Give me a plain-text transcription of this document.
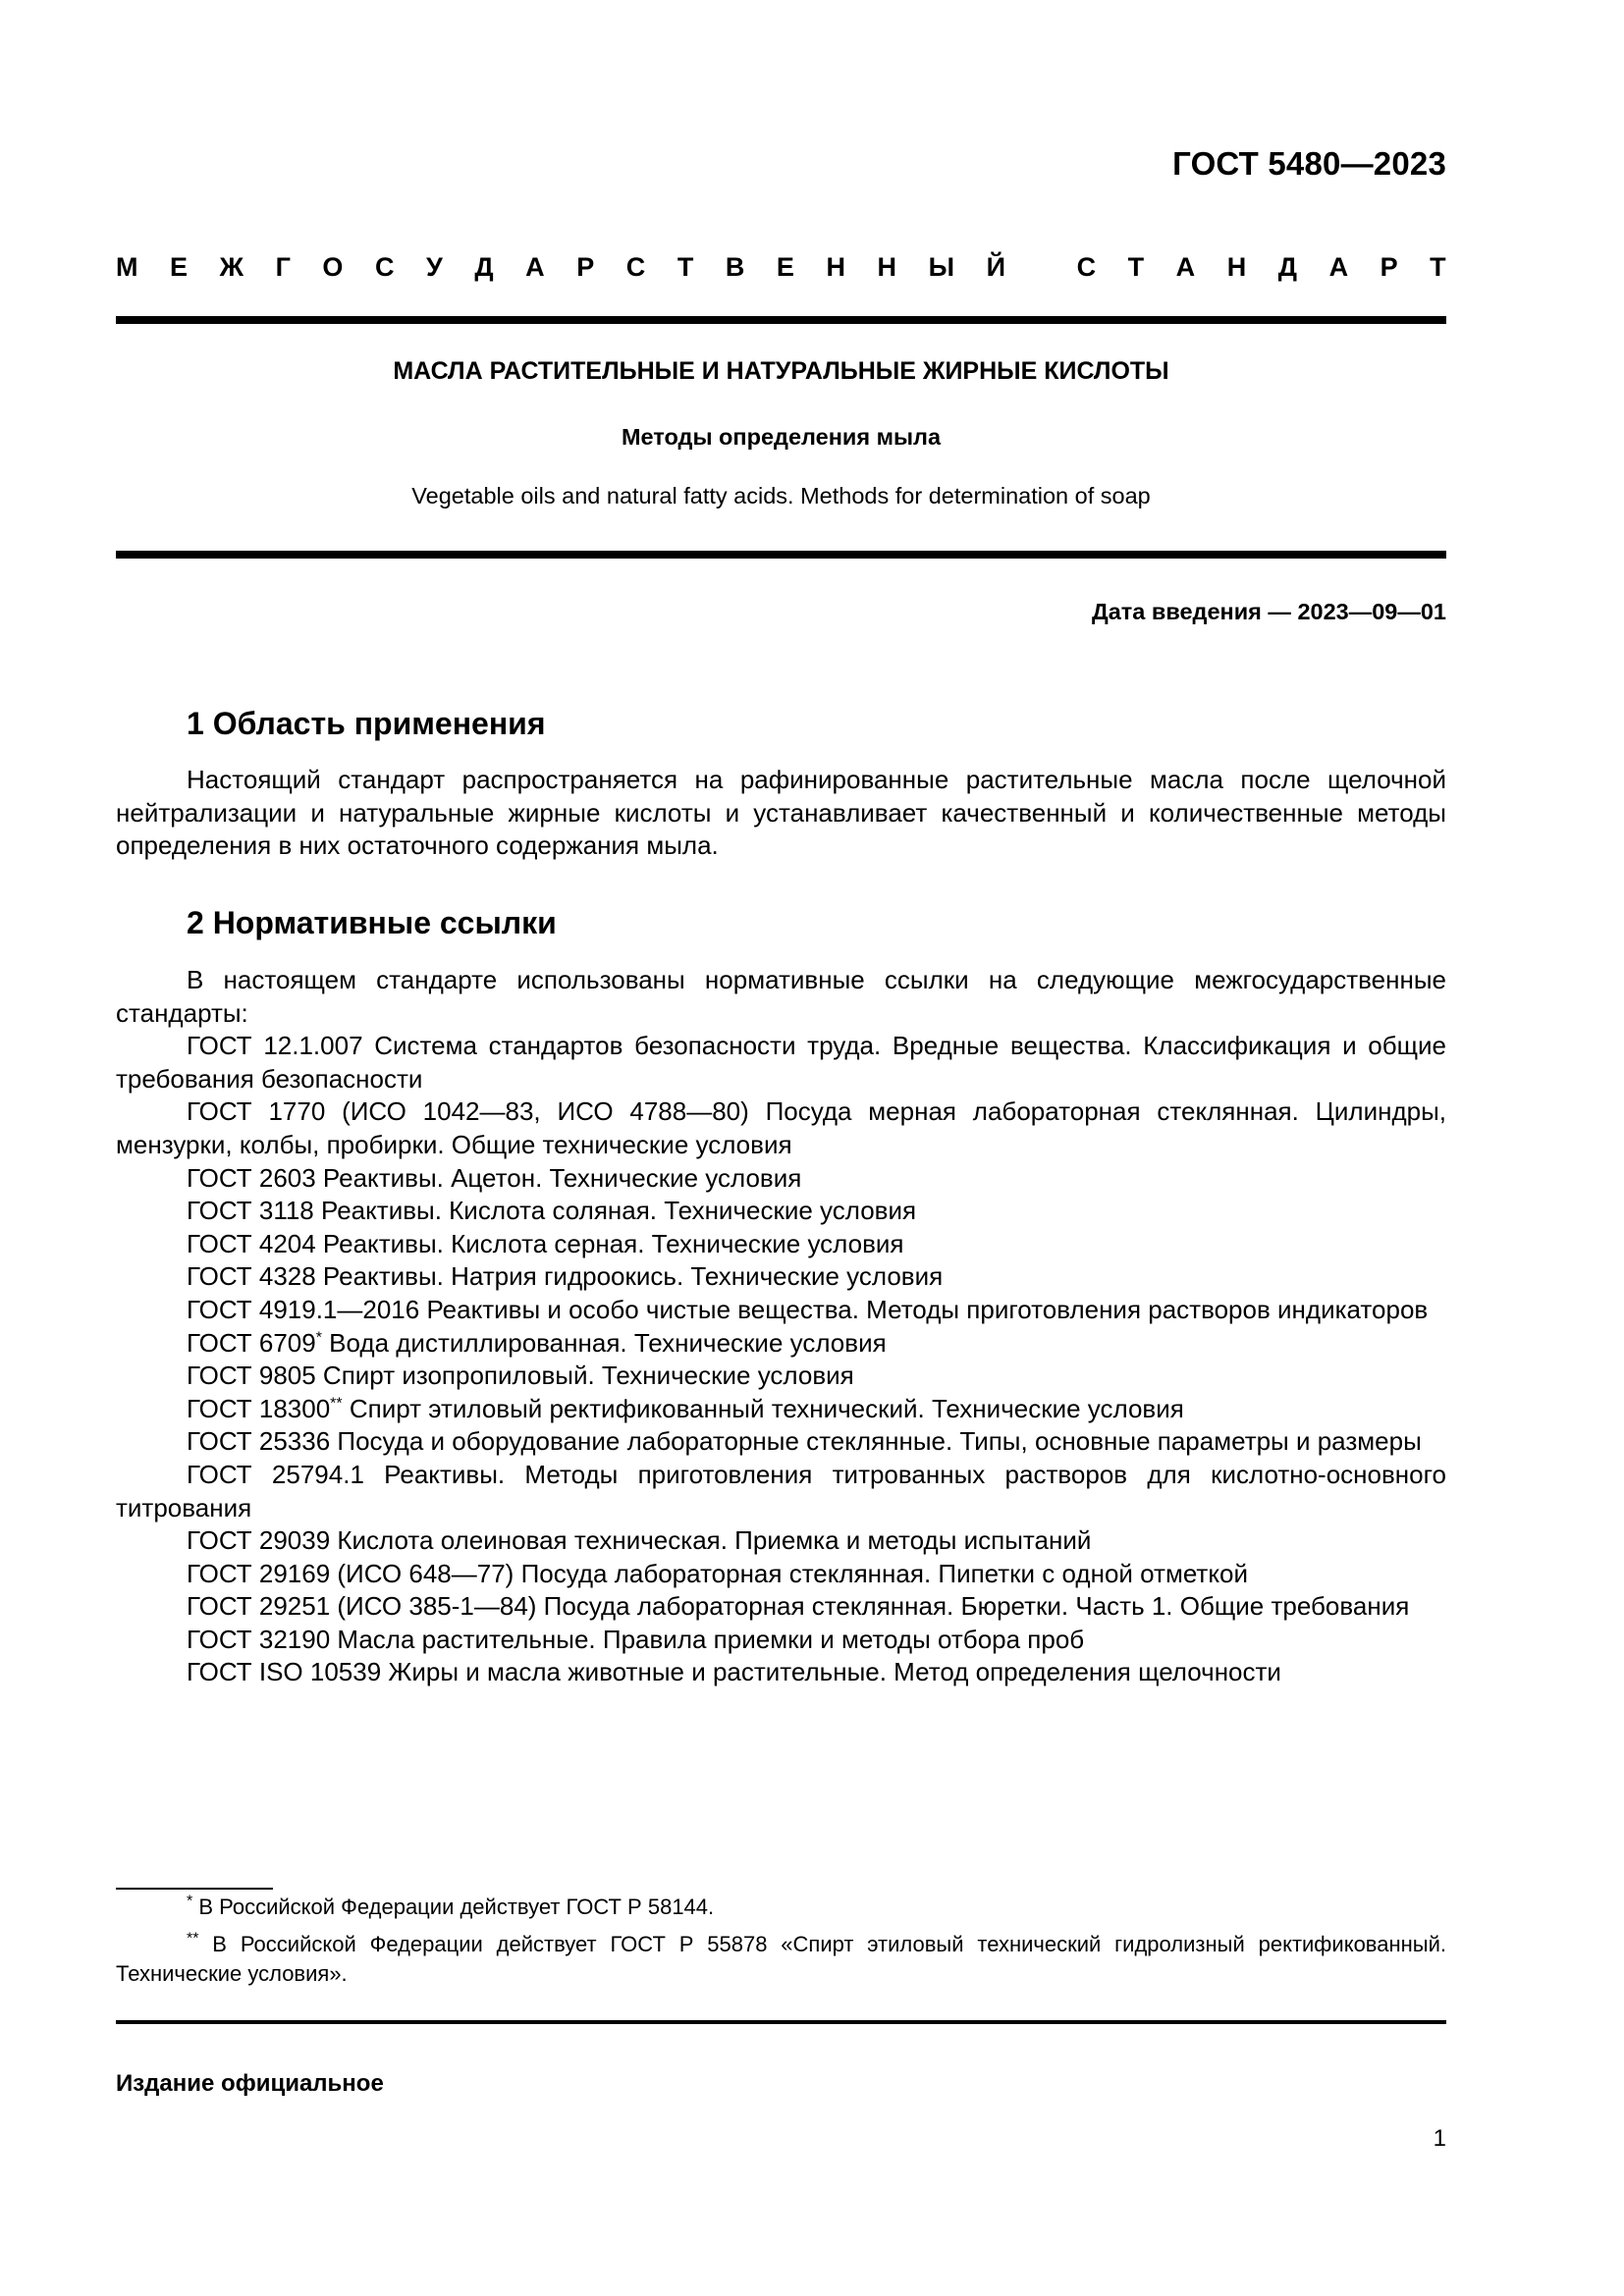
ГОСТ 5480—2023
М Е Ж Г О С У Д А Р С Т В Е Н Н Ы Й
	С Т А Н Д А Р Т
МАСЛА РАСТИТЕЛЬНЫЕ И НАТУРАЛЬНЫЕ ЖИРНЫЕ КИСЛОТЫ
Методы определения мыла
Vegetable oils and natural fatty acids. Methods for determination of soap
Дата введения — 2023—09—01
1 Область применения

Настоящий стандарт распространяется на рафинированные растительные масла после щелочной нейтрализации и натуральные жирные кислоты и устанавливает качественный и количественные методы определения в них остаточного содержания мыла.

2 Нормативные ссылки

В настоящем стандарте использованы нормативные ссылки на следующие межгосударственные стандарты:

ГОСТ 12.1.007 Система стандартов безопасности труда. Вредные вещества. Классификация и общие требования безопасности

ГОСТ 1770 (ИСО 1042—83, ИСО 4788—80) Посуда мерная лабораторная стеклянная. Цилиндры, мензурки, колбы, пробирки. Общие технические условия

ГОСТ 2603 Реактивы. Ацетон. Технические условия

ГОСТ 3118 Реактивы. Кислота соляная. Технические условия

ГОСТ 4204 Реактивы. Кислота серная. Технические условия

ГОСТ 4328 Реактивы. Натрия гидроокись. Технические условия

ГОСТ 4919.1—2016 Реактивы и особо чистые вещества. Методы приготовления растворов индикаторов

ГОСТ 6709* Вода дистиллированная. Технические условия

ГОСТ 9805 Спирт изопропиловый. Технические условия

ГОСТ 18300** Спирт этиловый ректификованный технический. Технические условия

ГОСТ 25336 Посуда и оборудование лабораторные стеклянные. Типы, основные параметры и размеры

ГОСТ 25794.1 Реактивы. Методы приготовления титрованных растворов для кислотно-основного титрования

ГОСТ 29039 Кислота олеиновая техническая. Приемка и методы испытаний

ГОСТ 29169 (ИСО 648—77) Посуда лабораторная стеклянная. Пипетки с одной отметкой

ГОСТ 29251 (ИСО 385-1—84) Посуда лабораторная стеклянная. Бюретки. Часть 1. Общие требования

ГОСТ 32190 Масла растительные. Правила приемки и методы отбора проб

ГОСТ ISO 10539 Жиры и масла животные и растительные. Метод определения щелочности

* В Российской Федерации действует ГОСТ Р 58144.

** В Российской Федерации действует ГОСТ Р 55878 «Спирт этиловый технический гидролизный ректификованный. Технические условия».

Издание официальное
1
